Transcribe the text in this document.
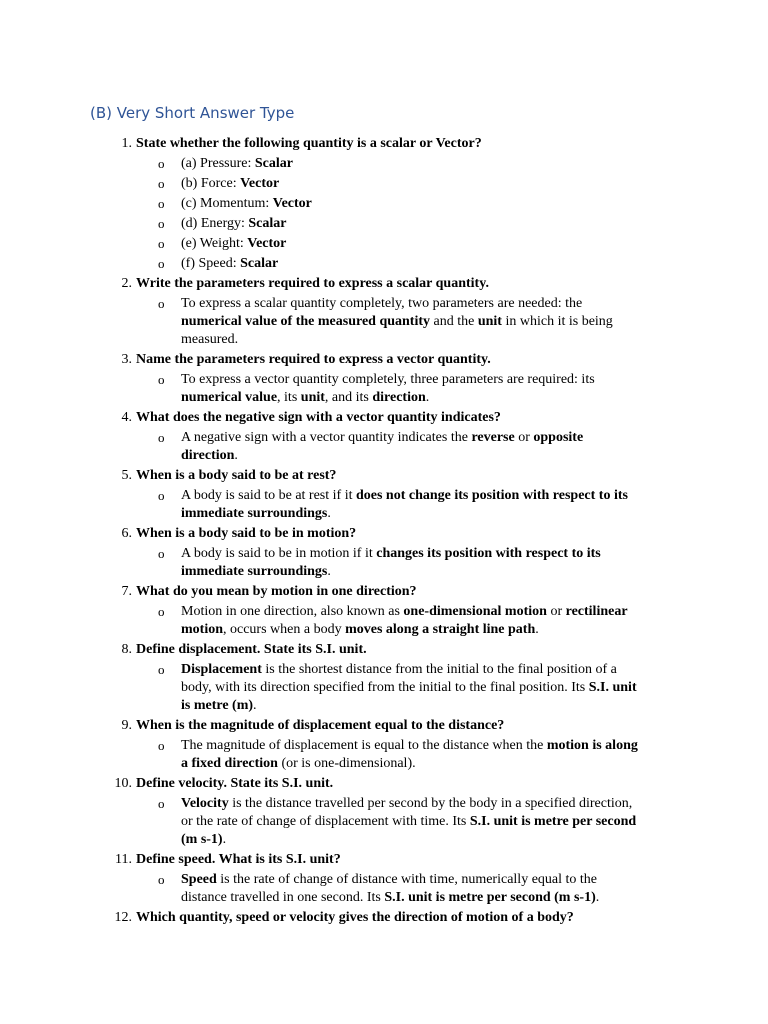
(B) Very Short Answer Type
1. State whether the following quantity is a scalar or Vector?
o (a) Pressure: Scalar
o (b) Force: Vector
o (c) Momentum: Vector
o (d) Energy: Scalar
o (e) Weight: Vector
o (f) Speed: Scalar
2. Write the parameters required to express a scalar quantity.
o To express a scalar quantity completely, two parameters are needed: the
numerical value of the measured quantity and the unit in which it is being
measured.
3. Name the parameters required to express a vector quantity.
o To express a vector quantity completely, three parameters are required: its
numerical value, its unit, and its direction.
4. What does the negative sign with a vector quantity indicates?
o A negative sign with a vector quantity indicates the reverse or opposite
direction.
5. When is a body said to be at rest?
o A body is said to be at rest if it does not change its position with respect to its
immediate surroundings.
6. When is a body said to be in motion?
o A body is said to be in motion if it changes its position with respect to its
immediate surroundings.
7. What do you mean by motion in one direction?
o Motion in one direction, also known as one-dimensional motion or rectilinear
motion, occurs when a body moves along a straight line path.
8. Define displacement. State its S.I. unit.
o Displacement is the shortest distance from the initial to the final position of a
body, with its direction specified from the initial to the final position. Its S.I. unit
is metre (m).
9. When is the magnitude of displacement equal to the distance?
o The magnitude of displacement is equal to the distance when the motion is along
a fixed direction (or is one-dimensional).
10. Define velocity. State its S.I. unit.
o Velocity is the distance travelled per second by the body in a specified direction,
or the rate of change of displacement with time. Its S.I. unit is metre per second
(m s-1).
11. Define speed. What is its S.I. unit?
o Speed is the rate of change of distance with time, numerically equal to the
distance travelled in one second. Its S.I. unit is metre per second (m s-1).
12. Which quantity, speed or velocity gives the direction of motion of a body?
